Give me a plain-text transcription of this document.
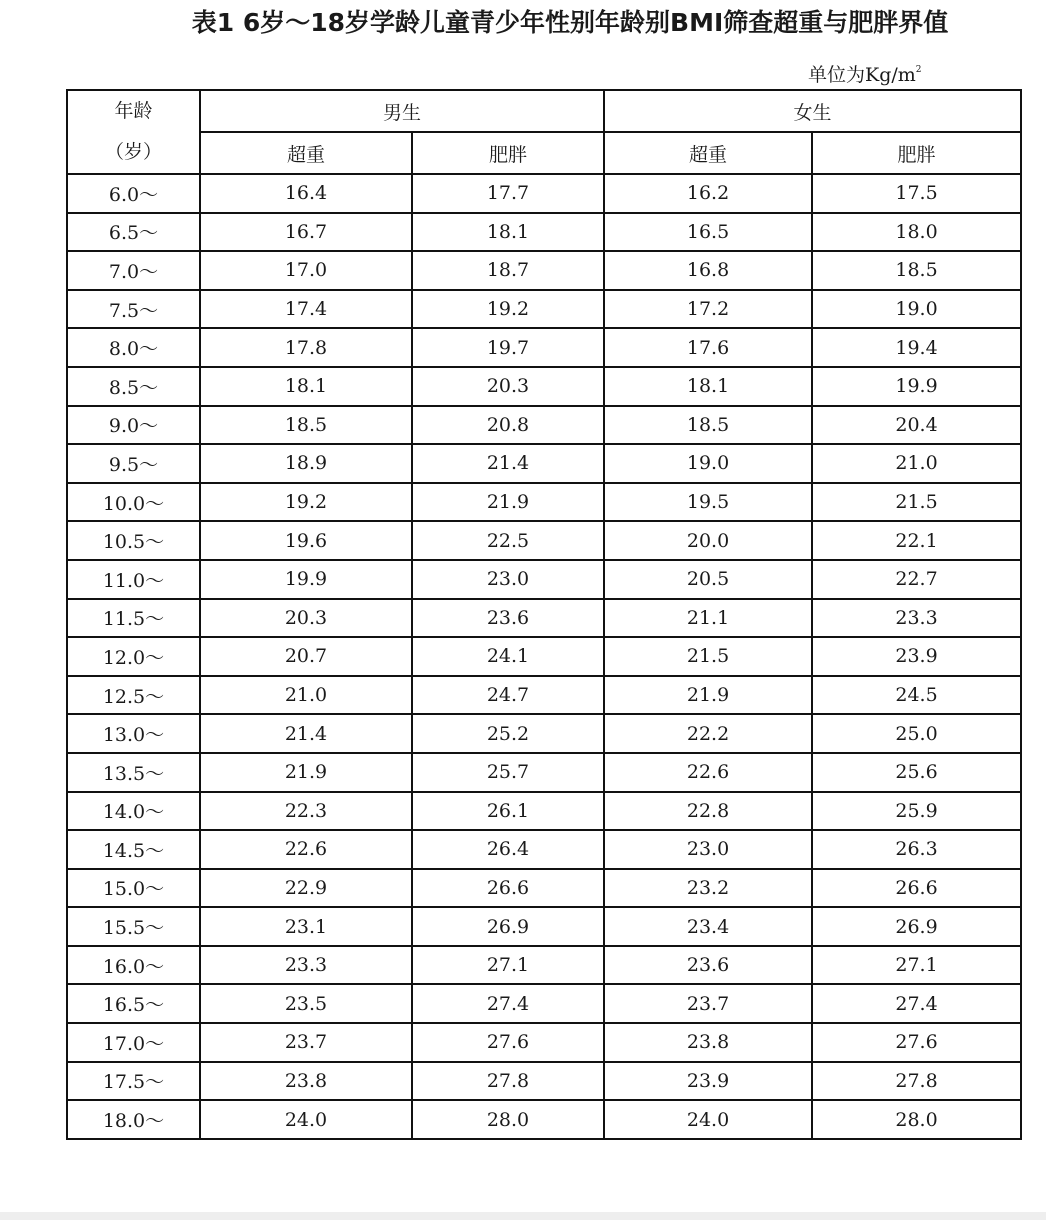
表1 6岁～18岁学龄儿童青少年性别年龄别BMI筛查超重与肥胖界值
单位为$Kg/m^2$
年龄
（岁）	男生		女生	
	超重	肥胖	超重	肥胖
6.0～	16.4	17.7	16.2	17.5
6.5～	16.7	18.1	16.5	18.0
7.0～	17.0	18.7	16.8	18.5
7.5～	17.4	19.2	17.2	19.0
8.0～	17.8	19.7	17.6	19.4
8.5～	18.1	20.3	18.1	19.9
9.0～	18.5	20.8	18.5	20.4
9.5～	18.9	21.4	19.0	21.0
10.0～	19.2	21.9	19.5	21.5
10.5～	19.6	22.5	20.0	22.1
11.0～	19.9	23.0	20.5	22.7
11.5～	20.3	23.6	21.1	23.3
12.0～	20.7	24.1	21.5	23.9
12.5～	21.0	24.7	21.9	24.5
13.0～	21.4	25.2	22.2	25.0
13.5～	21.9	25.7	22.6	25.6
14.0～	22.3	26.1	22.8	25.9
14.5～	22.6	26.4	23.0	26.3
15.0～	22.9	26.6	23.2	26.6
15.5～	23.1	26.9	23.4	26.9
16.0～	23.3	27.1	23.6	27.1
16.5～	23.5	27.4	23.7	27.4
17.0～	23.7	27.6	23.8	27.6
17.5～	23.8	27.8	23.9	27.8
18.0～	24.0	28.0	24.0	28.0
